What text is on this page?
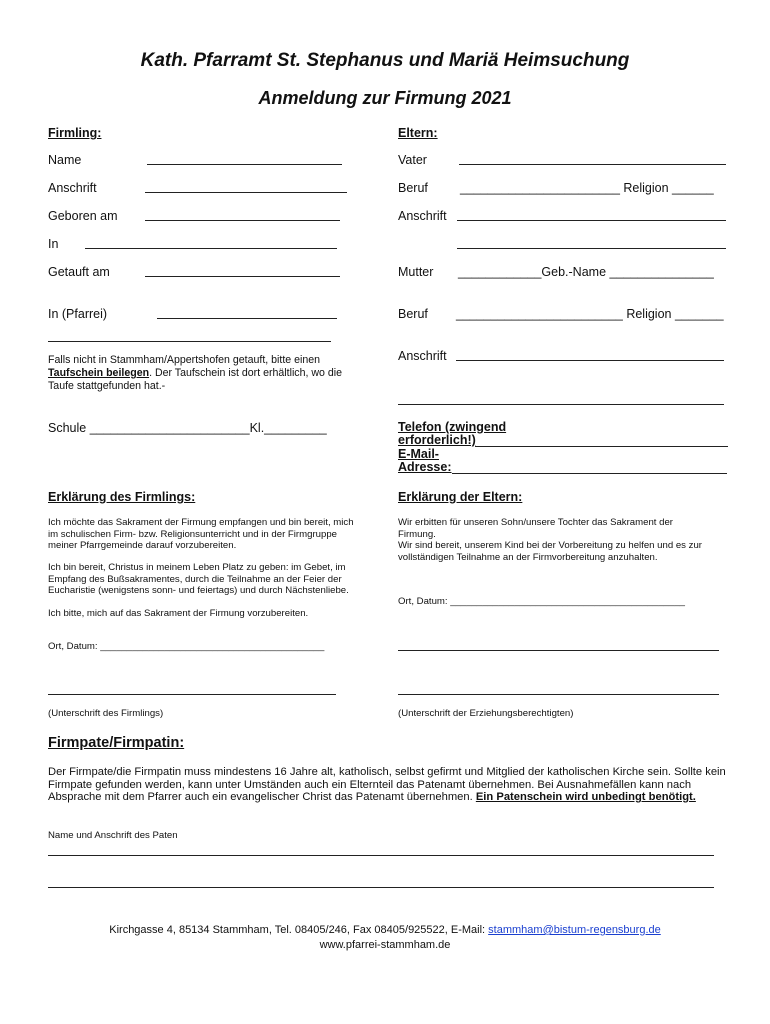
Kath. Pfarramt St. Stephanus und Mariä Heimsuchung
Anmeldung zur Firmung 2021
Firmling:
Name
Anschrift
Geboren am
In
Getauft am
In (Pfarrei)
Falls nicht in Stammham/Appertshofen getauft, bitte einen Taufschein beilegen. Der Taufschein ist dort erhältlich, wo die Taufe stattgefunden hat.-
Schule _______________________Kl._________
Eltern:
Vater
Beruf	_______________________ Religion ______
Anschrift
Mutter ____________Geb.-Name _______________
Beruf ________________________ Religion _______
Anschrift
Telefon (zwingend erforderlich!)
E-Mail-Adresse:
Erklärung des Firmlings:
Ich möchte das Sakrament der Firmung empfangen und bin bereit, mich im schulischen Firm- bzw. Religionsunterricht und in der Firmgruppe meiner Pfarrgemeinde darauf vorzubereiten.
Ich bin bereit, Christus in meinem Leben Platz zu geben: im Gebet, im Empfang des Bußsakramentes, durch die Teilnahme an der Feier der Eucharistie (wenigstens sonn- und feiertags) und durch Nächstenliebe.
Ich bitte, mich auf das Sakrament der Firmung vorzubereiten.
Ort, Datum: __________________________________________
(Unterschrift des Firmlings)
Erklärung der Eltern:
Wir erbitten für unseren Sohn/unsere Tochter das Sakrament der Firmung.
Wir sind bereit, unserem Kind bei der Vorbereitung zu helfen und es zur vollständigen Teilnahme an der Firmvorbereitung anzuhalten.
Ort, Datum: ____________________________________________
(Unterschrift der Erziehungsberechtigten)
Firmpate/Firmpatin:
Der Firmpate/die Firmpatin muss mindestens 16 Jahre alt, katholisch, selbst gefirmt und Mitglied der katholischen Kirche sein. Sollte kein Firmpate gefunden werden, kann unter Umständen auch ein Elternteil das Patenamt übernehmen. Bei Ausnahmefällen kann nach Absprache mit dem Pfarrer auch ein evangelischer Christ das Patenamt übernehmen. Ein Patenschein wird unbedingt benötigt.
Name und Anschrift des Paten
Kirchgasse 4, 85134 Stammham, Tel. 08405/246, Fax 08405/925522, E-Mail: stammham@bistum-regensburg.de
www.pfarrei-stammham.de
